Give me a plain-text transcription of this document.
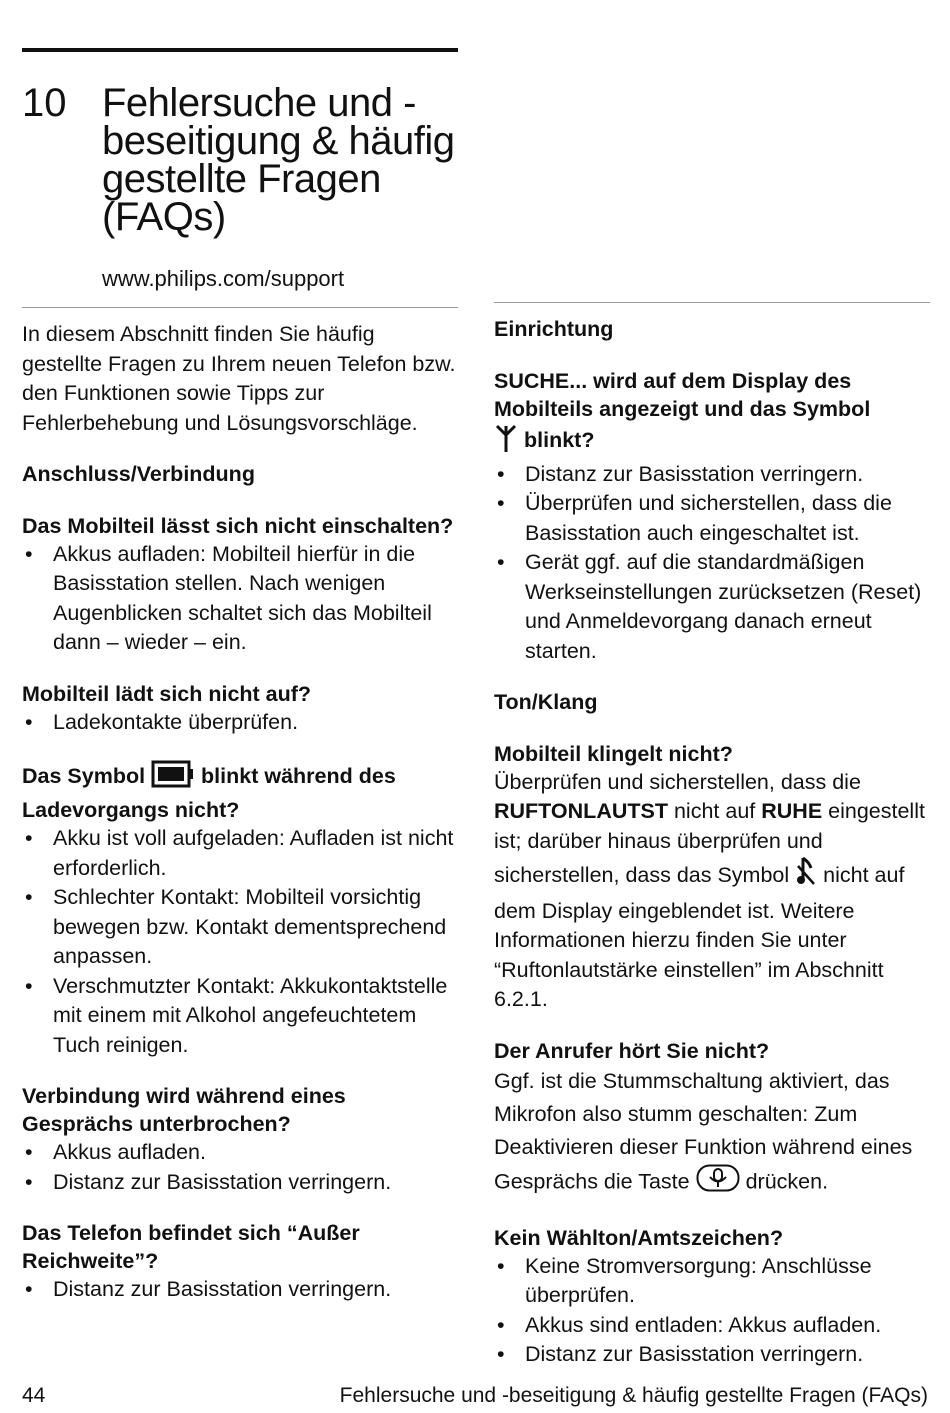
10 Fehlersuche und -beseitigung & häufig gestellte Fragen (FAQs)
www.philips.com/support

In diesem Abschnitt finden Sie häufig gestellte Fragen zu Ihrem neuen Telefon bzw. den Funktionen sowie Tipps zur Fehlerbehebung und Lösungsvorschläge.

Anschluss/Verbindung

Das Mobilteil lässt sich nicht einschalten?

• Akkus aufladen: Mobilteil hierfür in die Basisstation stellen. Nach wenigen Augenblicken schaltet sich das Mobilteil dann – wieder – ein.

Mobilteil lädt sich nicht auf?

• Ladekontakte überprüfen.

Das Symbol	blinkt während des Ladevorgangs nicht?

• Akku ist voll aufgeladen: Aufladen ist nicht erforderlich.
• Schlechter Kontakt: Mobilteil vorsichtig bewegen bzw. Kontakt dementsprechend anpassen.
• Verschmutzter Kontakt: Akkukontaktstelle mit einem mit Alkohol angefeuchtetem Tuch reinigen.

Verbindung wird während eines Gesprächs unterbrochen?

• Akkus aufladen.
• Distanz zur Basisstation verringern.

Das Telefon befindet sich “Außer Reichweite”?

• Distanz zur Basisstation verringern.

Einrichtung

SUCHE... wird auf dem Display des Mobilteils angezeigt und das Symbol
blinkt?

• Distanz zur Basisstation verringern.
• Überprüfen und sicherstellen, dass die Basisstation auch eingeschaltet ist.
• Gerät ggf. auf die standardmäßigen Werkseinstellungen zurücksetzen (Reset) und Anmeldevorgang danach erneut starten.

Ton/Klang

Mobilteil klingelt nicht?

Überprüfen und sicherstellen, dass die RUFTONLAUTST nicht auf RUHE eingestellt ist; darüber hinaus überprüfen und sicherstellen, dass das Symbol nicht auf dem Display eingeblendet ist. Weitere Informationen hierzu finden Sie unter “Ruftonlautstärke einstellen” im Abschnitt 6.2.1.

Der Anrufer hört Sie nicht?

Ggf. ist die Stummschaltung aktiviert, das Mikrofon also stumm geschalten: Zum Deaktivieren dieser Funktion während eines Gesprächs die Taste	drücken.

Kein Wählton/Amtszeichen?

• Keine Stromversorgung: Anschlüsse überprüfen.
• Akkus sind entladen: Akkus aufladen.
• Distanz zur Basisstation verringern.
44	Fehlersuche und -beseitigung & häufig gestellte Fragen (FAQs)
